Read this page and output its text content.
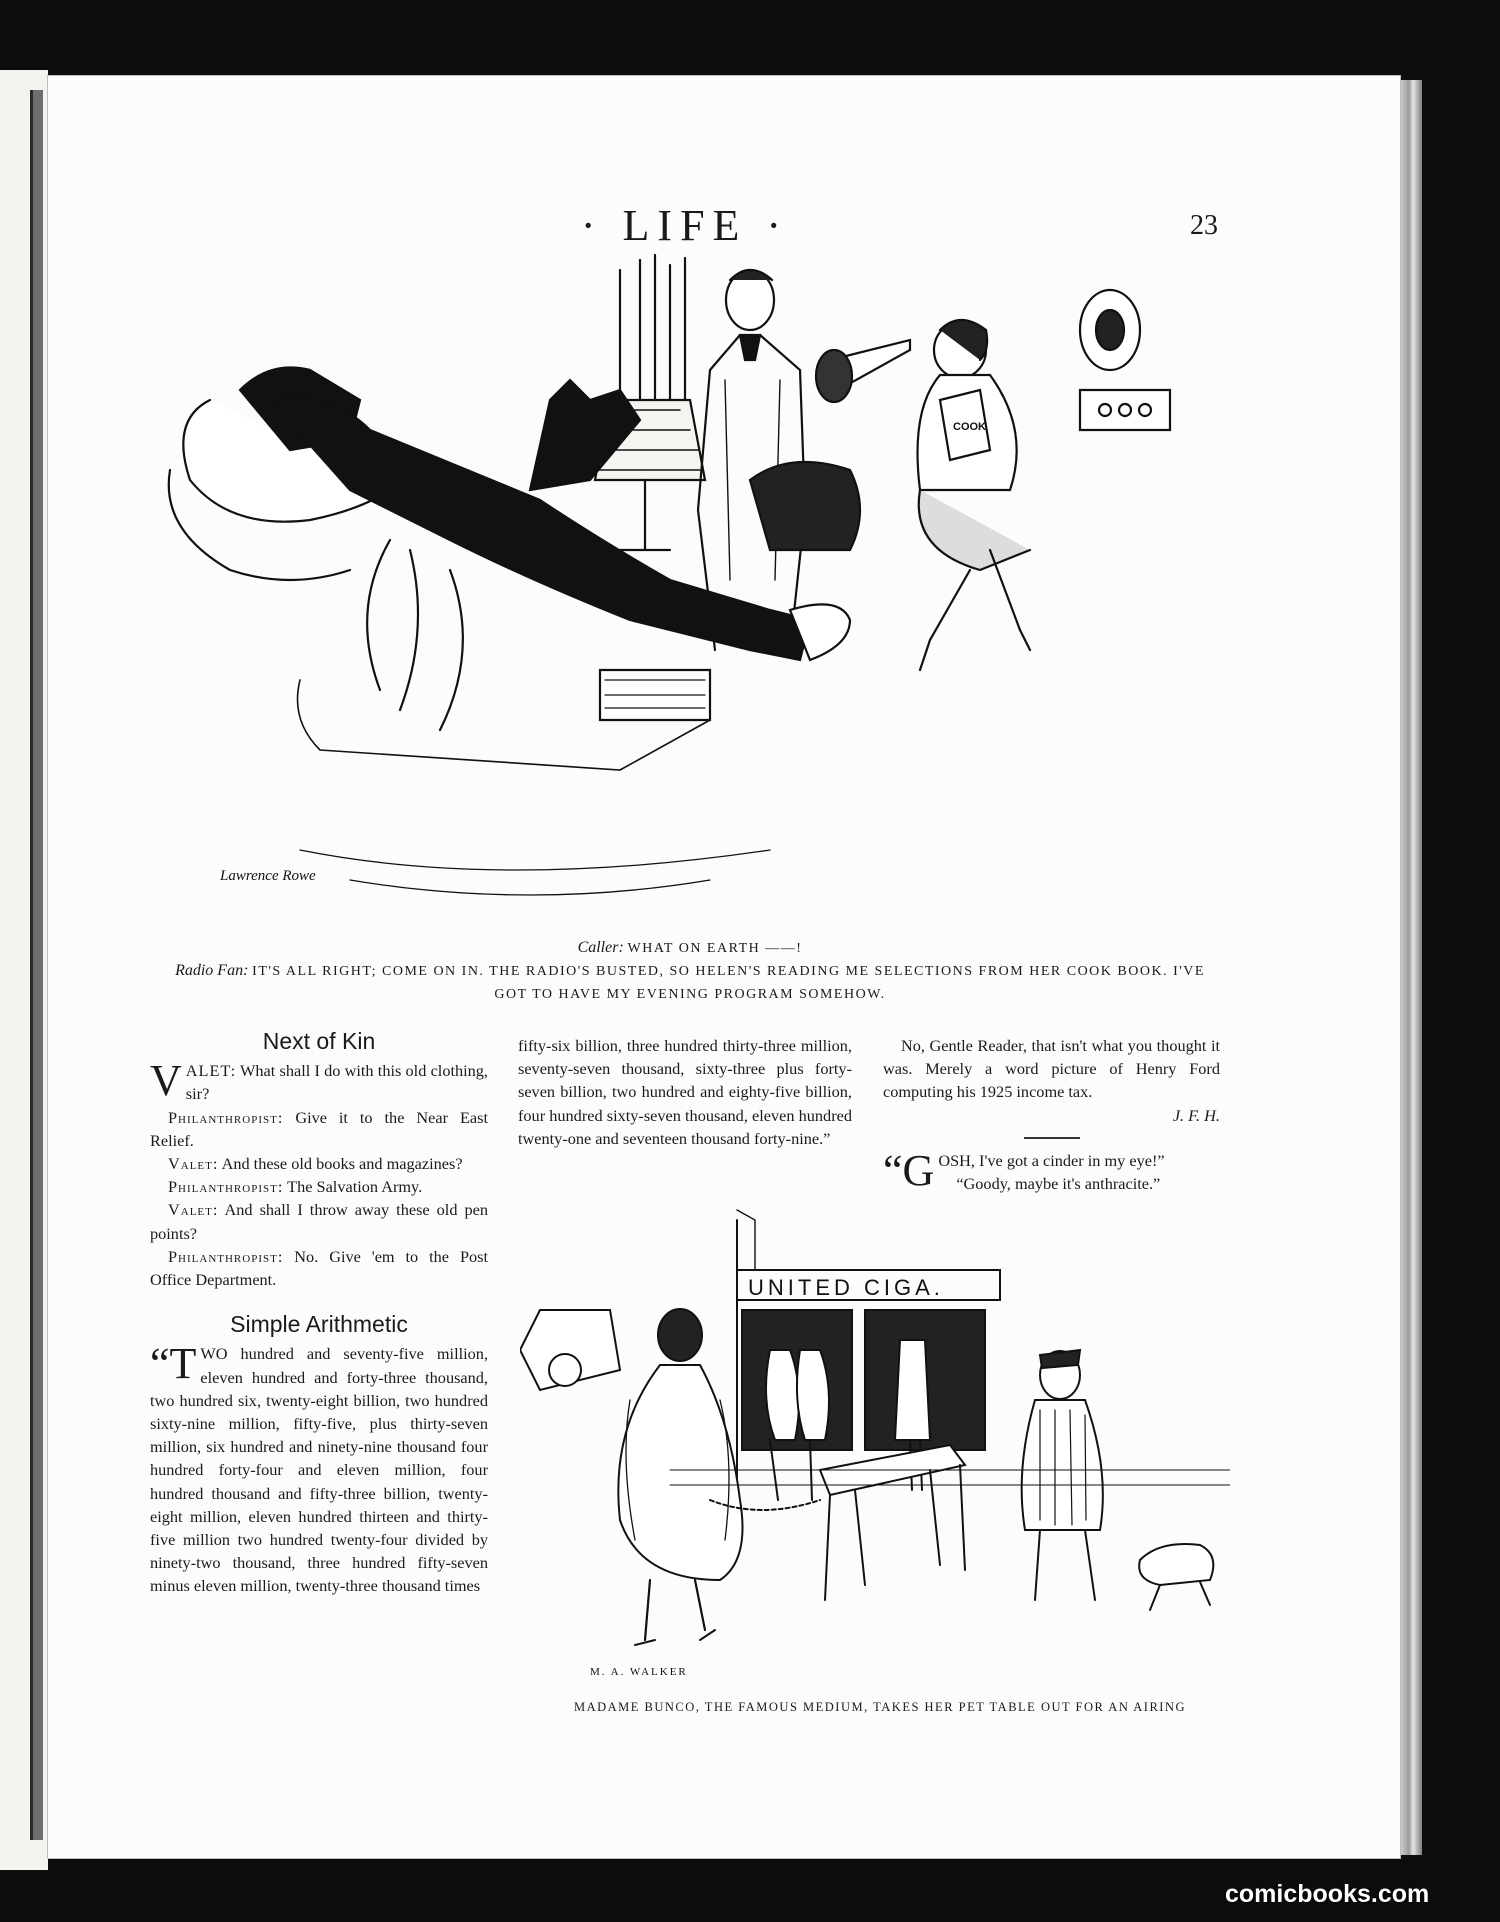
· LIFE ·	23
Lawrence Rowe
COOK
Caller: WHAT ON EARTH ——!
Radio Fan: IT'S ALL RIGHT; COME ON IN. THE RADIO'S BUSTED, SO HELEN'S READING ME SELECTIONS FROM HER COOK BOOK. I'VE GOT TO HAVE MY EVENING PROGRAM SOMEHOW.
Next of Kin

VALET: What shall I do with this old clothing, sir?

Philanthropist: Give it to the Near East Relief.

Valet: And these old books and magazines?

Philanthropist: The Salvation Army.

Valet: And shall I throw away these old pen points?

Philanthropist: No. Give 'em to the Post Office Department.

Simple Arithmetic

“TWO hundred and seventy-five million, eleven hundred and forty-three thousand, two hundred six, twenty-eight billion, two hundred sixty-nine million, fifty-five, plus thirty-seven million, six hundred and ninety-nine thousand four hundred forty-four and eleven million, four hundred thousand and fifty-three billion, twenty-eight million, eleven hundred thirteen and thirty-five million two hundred twenty-four divided by ninety-two thousand, three hundred fifty-seven minus eleven million, twenty-three thousand times

fifty-six billion, three hundred thirty-three million, seventy-seven thousand, sixty-three plus forty-seven billion, two hundred and eighty-five billion, four hundred sixty-seven thousand, eleven hundred twenty-one and seventeen thousand forty-nine.”

No, Gentle Reader, that isn't what you thought it was. Merely a word picture of Henry Ford computing his 1925 income tax.

J. F. H.

“GOSH, I've got a cinder in my eye!”

“Goody, maybe it's anthracite.”

UNITED CIGA.
M. A. WALKER
MADAME BUNCO, THE FAMOUS MEDIUM, TAKES HER PET TABLE OUT FOR AN AIRING
comicbooks.com
